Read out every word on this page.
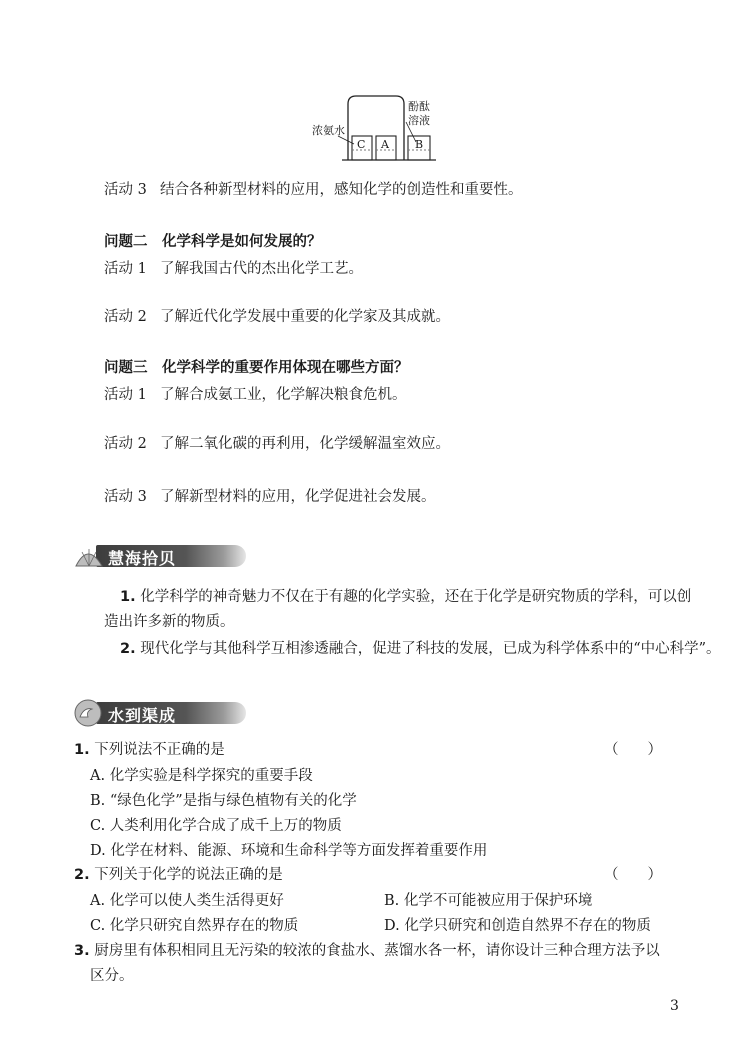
C A B
浓氨水
酚酞
溶液
活动 3 结合各种新型材料的应用，感知化学的创造性和重要性。
问题二　化学科学是如何发展的？
活动 1 了解我国古代的杰出化学工艺。
活动 2 了解近代化学发展中重要的化学家及其成就。
问题三　化学科学的重要作用体现在哪些方面？
活动 1 了解合成氨工业，化学解决粮食危机。
活动 2 了解二氧化碳的再利用，化学缓解温室效应。
活动 3 了解新型材料的应用，化学促进社会发展。
慧海拾贝
1. 化学科学的神奇魅力不仅在于有趣的化学实验，还在于化学是研究物质的学科，可以创
造出许多新的物质。
2. 现代化学与其他科学互相渗透融合，促进了科技的发展，已成为科学体系中的“中心科学”。
水到渠成
1. 下列说法不正确的是	（　　）
A. 化学实验是科学探究的重要手段
B. “绿色化学”是指与绿色植物有关的化学
C. 人类利用化学合成了成千上万的物质
D. 化学在材料、能源、环境和生命科学等方面发挥着重要作用
2. 下列关于化学的说法正确的是	（　　）
A. 化学可以使人类生活得更好	B. 化学不可能被应用于保护环境
C. 化学只研究自然界存在的物质	D. 化学只研究和创造自然界不存在的物质
3. 厨房里有体积相同且无污染的较浓的食盐水、蒸馏水各一杯，请你设计三种合理方法予以
区分。
3
